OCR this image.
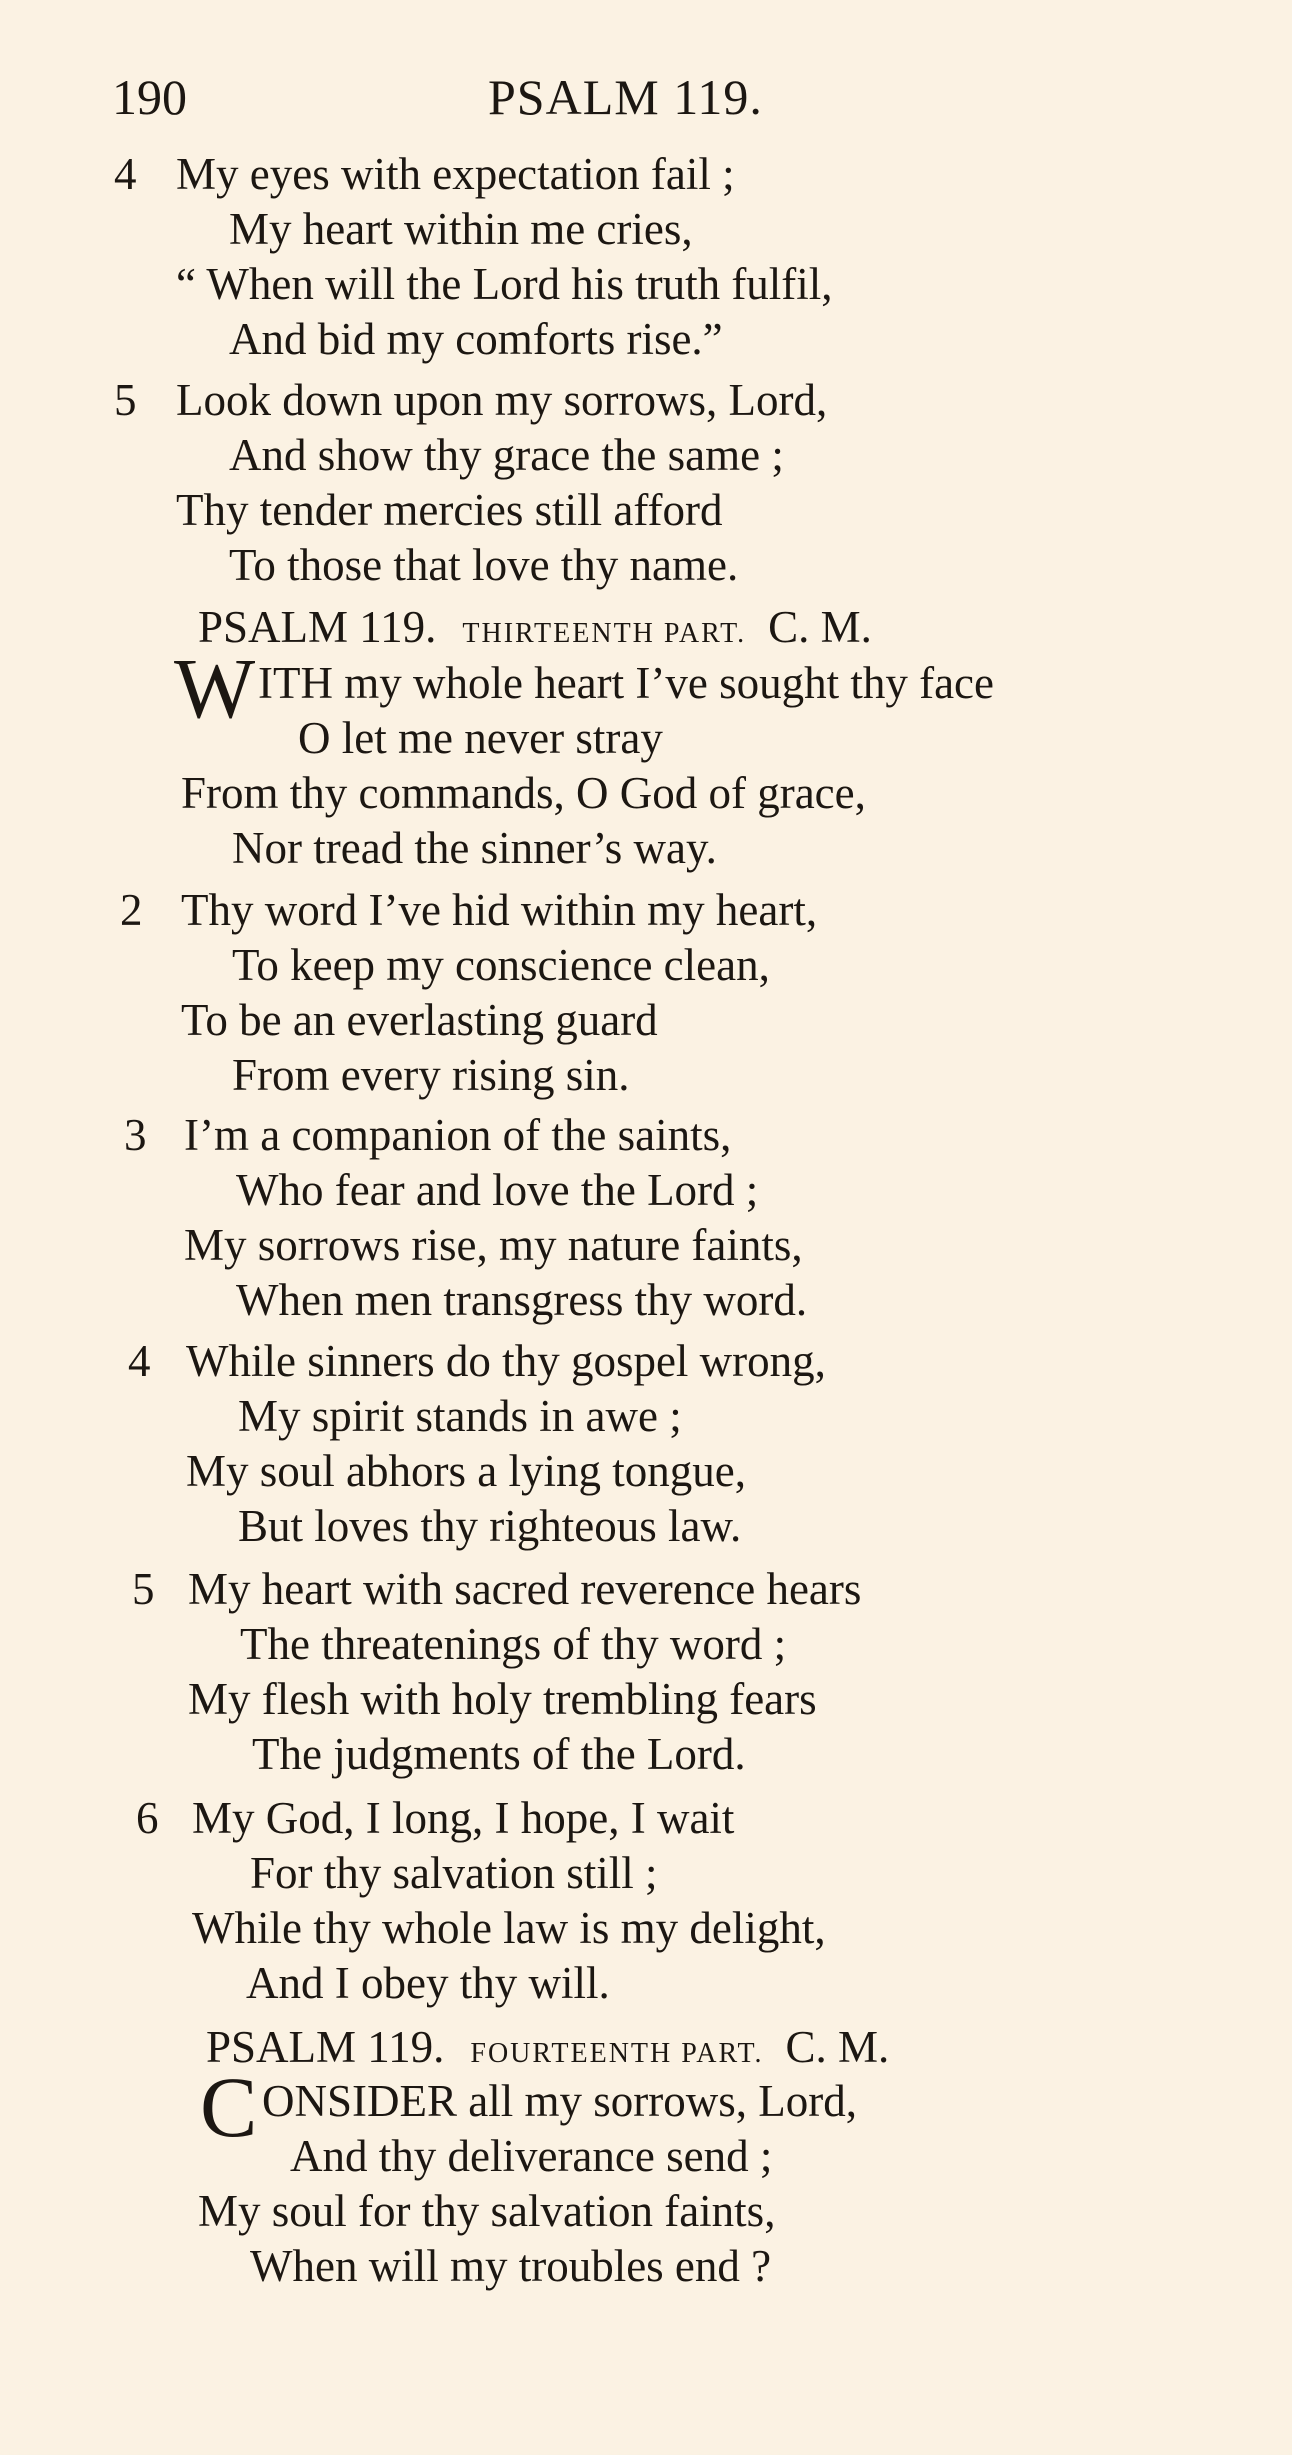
190	PSALM 119.
4 My eyes with expectation fail ;
My heart within me cries,
“ When will the Lord his truth fulfil,
And bid my comforts rise.”
5 Look down upon my sorrows, Lord,
And show thy grace the same ;
Thy tender mercies still afford
To those that love thy name.
PSALM 119. THIRTEENTH PART. C. M.
W ITH my whole heart I’ve sought thy face
O let me never stray
From thy commands, O God of grace,
Nor tread the sinner’s way.
2 Thy word I’ve hid within my heart,
To keep my conscience clean,
To be an everlasting guard
From every rising sin.
3 I’m a companion of the saints,
Who fear and love the Lord ;
My sorrows rise, my nature faints,
When men transgress thy word.
4 While sinners do thy gospel wrong,
My spirit stands in awe ;
My soul abhors a lying tongue,
But loves thy righteous law.
5 My heart with sacred reverence hears
The threatenings of thy word ;
My flesh with holy trembling fears
The judgments of the Lord.
6 My God, I long, I hope, I wait
For thy salvation still ;
While thy whole law is my delight,
And I obey thy will.
PSALM 119. FOURTEENTH PART. C. M.
C ONSIDER all my sorrows, Lord,
And thy deliverance send ;
My soul for thy salvation faints,
When will my troubles end ?
